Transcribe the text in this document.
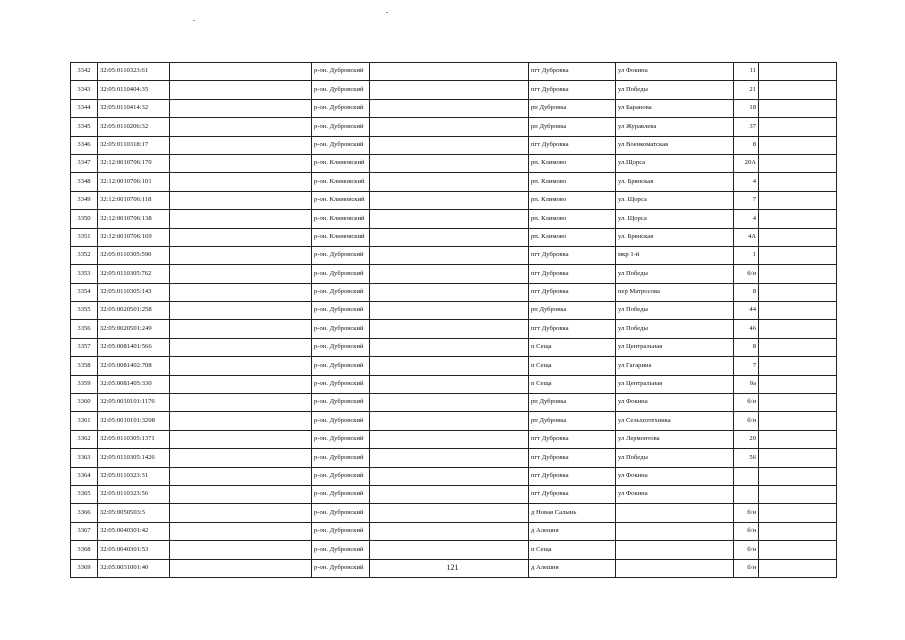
3342	32:05:0110323:61		р-он. Дубровский		пгт Дубровка	ул Фокина	11	
3343	32:05:0110404:35		р-он. Дубровский		пгт Дубровка	ул Победы	21	
3344	32:05:0110414:32		р-он. Дубровский		рп Дубровка	ул Баранова	18	
3345	32:05:0110206:32		р-он. Дубровский		рп Дубровка	ул Журавлева	37	
3346	32:05:0110318:17		р-он. Дубровский		пгт Дубровка	ул Военкоматская	8	
3347	32:12:0010706:170		р-он. Климовский		рп. Климово	ул.Щорса	20А	
3348	32:12:0010706:101		р-он. Климовский		рп. Климово	ул. Брянская	4	
3349	32:12:0010706:118		р-он. Климовский		рп. Климово	ул. Щорса	7	
3350	32:12:0010706:138		р-он. Климовский		рп. Климово	ул. Щорса	4	
3351	32:12:0010706:169		р-он. Климовский		рп. Климово	ул. Брянская	4А	
3352	32:05:0110305:590		р-он. Дубровский		пгт Дубровка	мкр 1-й	1	
3353	32:05:0110305:762		р-он. Дубровский		пгт Дубровка	ул Победы	б/н	
3354	32:05:0110305:143		р-он. Дубровский		пгт Дубровка	пер Матросова	8	
3355	32:05:0020501:258		р-он. Дубровский		рп Дубровка	ул Победы	44	
3356	32:05:0020501:249		р-он. Дубровский		пгт Дубровка	ул Победы	46	
3357	32:05:0081401:566		р-он. Дубровский		п Сеща	ул Центральная	8	
3358	32:05:0081402:708		р-он. Дубровский		п Сеща	ул Гагарина	7	
3359	32:05:0081405:330		р-он. Дубровский		п Сеща	ул Центральная	9а	
3360	32:05:0010101:1176		р-он. Дубровский		рп Дубровка	ул Фокина	б/н	
3361	32:05:0010101:3208		р-он. Дубровский		рп Дубровка	ул Сельхозтехника	б/н	
3362	32:05:0110305:1371		р-он. Дубровский		пгт Дубровка	ул Лермонтова	20	
3363	32:05:0110305:1426		р-он. Дубровский		пгт Дубровка	ул Победы	56	
3364	32:05:0110323:31		р-он. Дубровский		пгт Дубровка	ул Фокина		
3365	32:05:0110323:56		р-он. Дубровский		пгт Дубровка	ул Фокина		
3366	32:05:0050503:5		р-он. Дубровский		д Новая Салынь		б/н	
3367	32:05:0040301:42		р-он. Дубровский		д Алешня		б/н	
3368	32:05:0040301:53		р-он. Дубровский		п Сеща		б/н	
3369	32:05:0031001:40		р-он. Дубровский		д Алешня		б/н	
121
